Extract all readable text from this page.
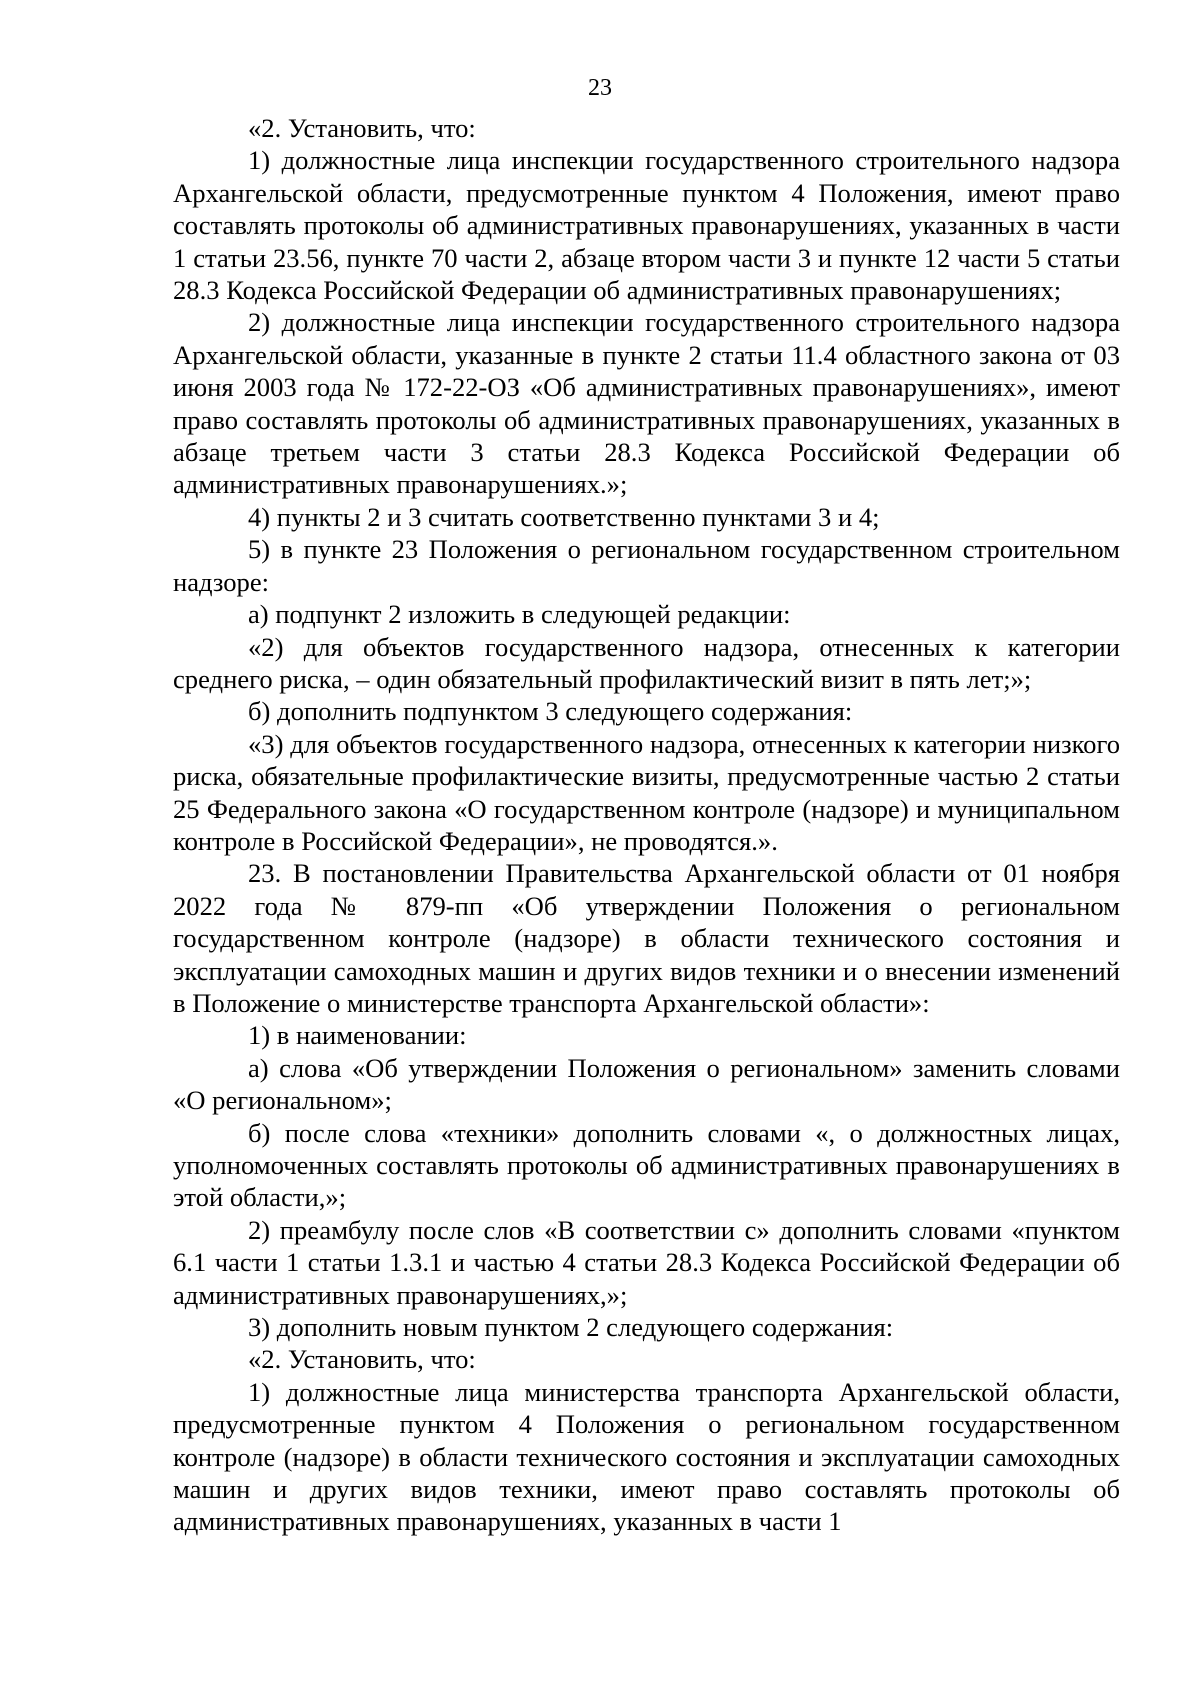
23

«2. Установить, что:

1) должностные лица инспекции государственного строительного надзора Архангельской области, предусмотренные пунктом 4 Положения, имеют право составлять протоколы об административных правонарушениях, указанных в части 1 статьи 23.56, пункте 70 части 2, абзаце втором части 3 и пункте 12 части 5 статьи 28.3 Кодекса Российской Федерации об административных правонарушениях;

2) должностные лица инспекции государственного строительного надзора Архангельской области, указанные в пункте 2 статьи 11.4 областного закона от 03 июня 2003 года № 172-22-ОЗ «Об административных правонарушениях», имеют право составлять протоколы об административных правонарушениях, указанных в абзаце третьем части 3 статьи 28.3 Кодекса Российской Федерации об административных правонарушениях.»;

4) пункты 2 и 3 считать соответственно пунктами 3 и 4;

5) в пункте 23 Положения о региональном государственном строительном надзоре:

а) подпункт 2 изложить в следующей редакции:

«2) для объектов государственного надзора, отнесенных к категории среднего риска, – один обязательный профилактический визит в пять лет;»;

б) дополнить подпунктом 3 следующего содержания:

«3) для объектов государственного надзора, отнесенных к категории низкого риска, обязательные профилактические визиты, предусмотренные частью 2 статьи 25 Федерального закона «О государственном контроле (надзоре) и муниципальном контроле в Российской Федерации», не проводятся.».

23. В постановлении Правительства Архангельской области от 01 ноября 2022 года № 879-пп «Об утверждении Положения о региональном государственном контроле (надзоре) в области технического состояния и эксплуатации самоходных машин и других видов техники и о внесении изменений в Положение о министерстве транспорта Архангельской области»:

1) в наименовании:

а) слова «Об утверждении Положения о региональном» заменить словами «О региональном»;

б) после слова «техники» дополнить словами «, о должностных лицах, уполномоченных составлять протоколы об административных правонарушениях в этой области,»;

2) преамбулу после слов «В соответствии с» дополнить словами «пунктом 6.1 части 1 статьи 1.3.1 и частью 4 статьи 28.3 Кодекса Российской Федерации об административных правонарушениях,»;

3) дополнить новым пунктом 2 следующего содержания:

«2. Установить, что:

1) должностные лица министерства транспорта Архангельской области, предусмотренные пунктом 4 Положения о региональном государственном контроле (надзоре) в области технического состояния и эксплуатации самоходных машин и других видов техники, имеют право составлять протоколы об административных правонарушениях, указанных в части 1
